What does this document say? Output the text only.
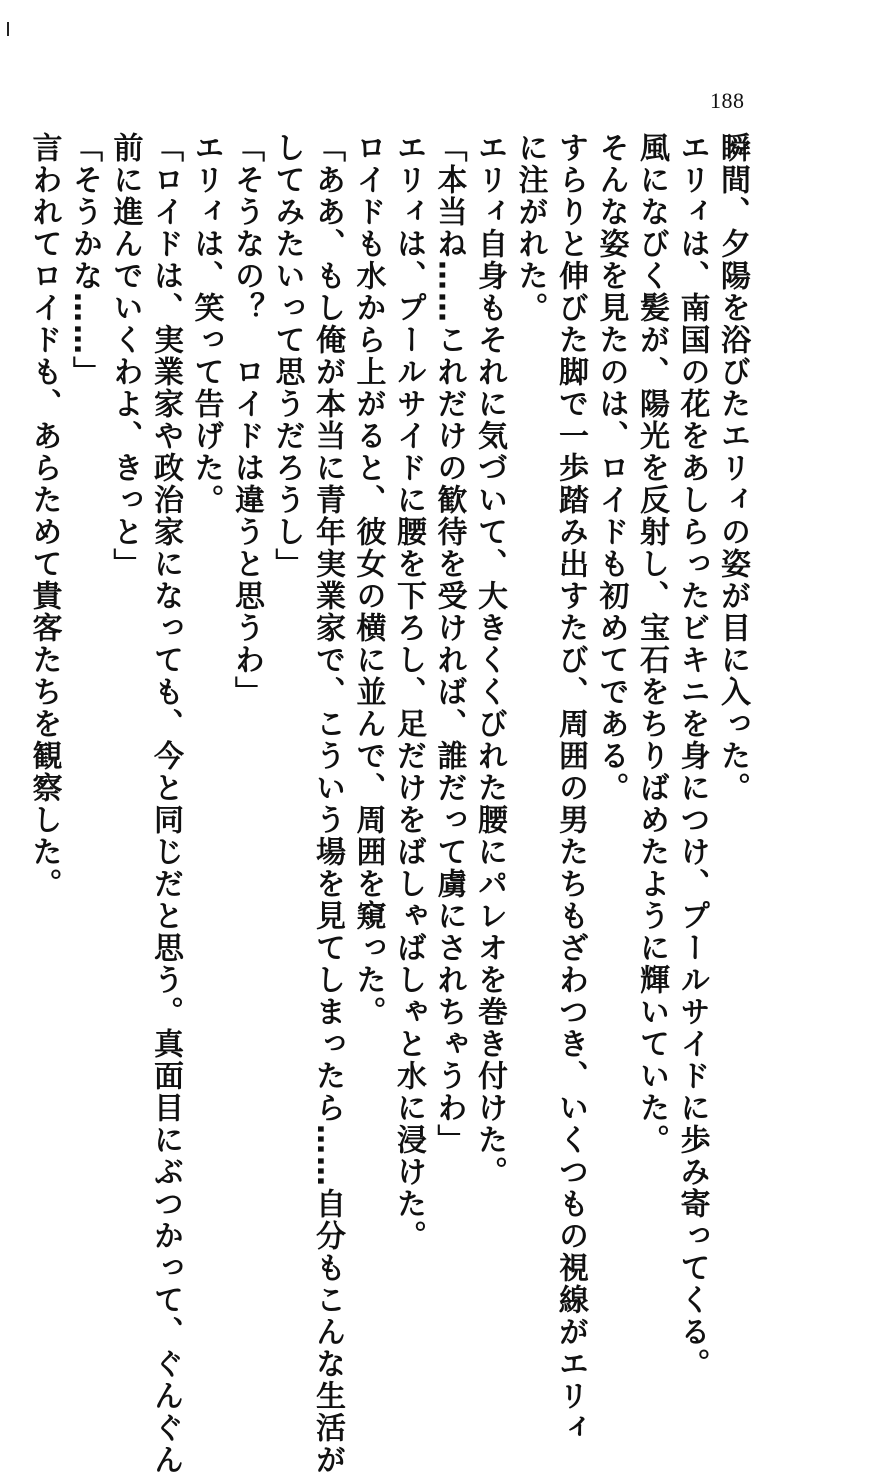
188
瞬間、夕陽を浴びたエリィの姿が目に入った。
エリィは、南国の花をあしらったビキニを身につけ、プールサイドに歩み寄ってくる。
風になびく髪が、陽光を反射し、宝石をちりばめたように輝いていた。
そんな姿を見たのは、ロイドも初めてである。
すらりと伸びた脚で一歩踏み出すたび、周囲の男たちもざわつき、いくつもの視線がエリィ
に注がれた。
エリィ自身もそれに気づいて、大きくくびれた腰にパレオを巻き付けた。
「本当ね……これだけの歓待を受ければ、誰だって虜にされちゃうわ」
エリィは、プールサイドに腰を下ろし、足だけをばしゃばしゃと水に浸けた。
ロイドも水から上がると、彼女の横に並んで、周囲を窺った。
「ああ、もし俺が本当に青年実業家で、こういう場を見てしまったら……自分もこんな生活が
してみたいって思うだろうし」
「そうなの？　ロイドは違うと思うわ」
エリィは、笑って告げた。
「ロイドは、実業家や政治家になっても、今と同じだと思う。真面目にぶつかって、ぐんぐん
前に進んでいくわよ、きっと」
「そうかな……」
言われてロイドも、あらためて貴客たちを観察した。
